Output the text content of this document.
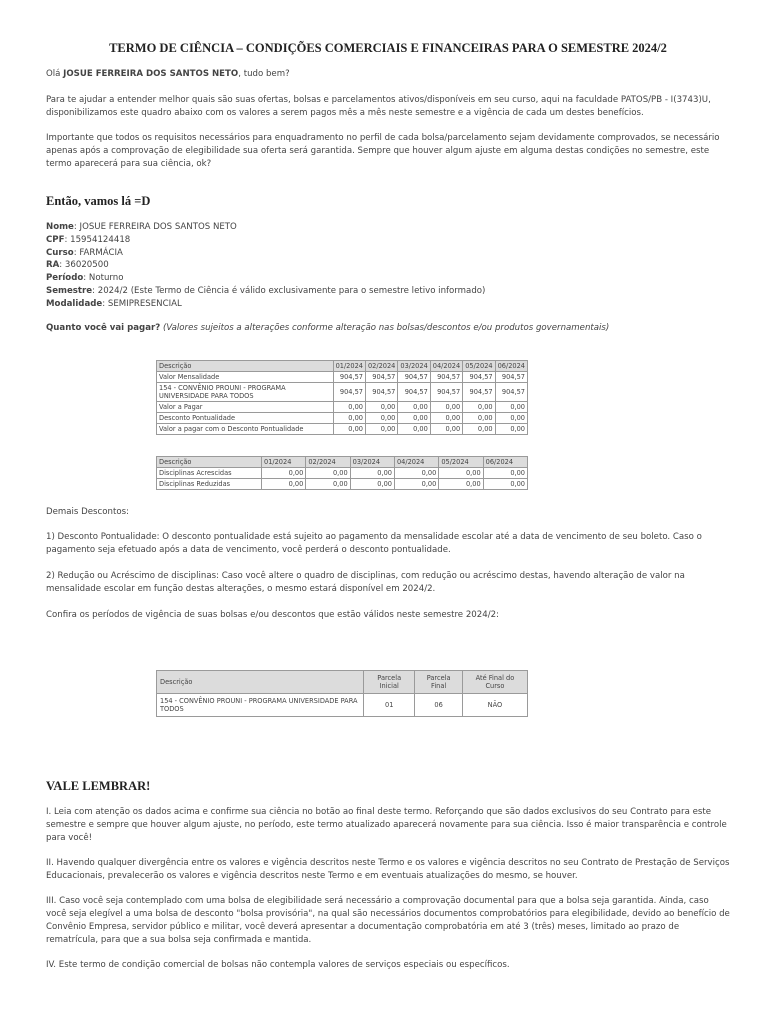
TERMO DE CIÊNCIA – CONDIÇÕES COMERCIAIS E FINANCEIRAS PARA O SEMESTRE 2024/2

Olá JOSUE FERREIRA DOS SANTOS NETO, tudo bem?

Para te ajudar a entender melhor quais são suas ofertas, bolsas e parcelamentos ativos/disponíveis em seu curso, aqui na faculdade PATOS/PB - I(3743)U, disponibilizamos este quadro abaixo com os valores a serem pagos mês a mês neste semestre e a vigência de cada um destes benefícios.

Importante que todos os requisitos necessários para enquadramento no perfil de cada bolsa/parcelamento sejam devidamente comprovados, se necessário apenas após a comprovação de elegibilidade sua oferta será garantida. Sempre que houver algum ajuste em alguma destas condições no semestre, este termo aparecerá para sua ciência, ok?

Então, vamos lá =D
Nome: JOSUE FERREIRA DOS SANTOS NETO
CPF: 15954124418
Curso: FARMÁCIA
RA: 36020500
Período: Noturno
Semestre: 2024/2 (Este Termo de Ciência é válido exclusivamente para o semestre letivo informado)
Modalidade: SEMIPRESENCIAL

Quanto você vai pagar? (Valores sujeitos a alterações conforme alteração nas bolsas/descontos e/ou produtos governamentais)

Demais Descontos:

1) Desconto Pontualidade: O desconto pontualidade está sujeito ao pagamento da mensalidade escolar até a data de vencimento de seu boleto. Caso o pagamento seja efetuado após a data de vencimento, você perderá o desconto pontualidade.

2) Redução ou Acréscimo de disciplinas: Caso você altere o quadro de disciplinas, com redução ou acréscimo destas, havendo alteração de valor na mensalidade escolar em função destas alterações, o mesmo estará disponível em 2024/2.

Confira os períodos de vigência de suas bolsas e/ou descontos que estão válidos neste semestre 2024/2:

VALE LEMBRAR!

I. Leia com atenção os dados acima e confirme sua ciência no botão ao final deste termo. Reforçando que são dados exclusivos do seu Contrato para este semestre e sempre que houver algum ajuste, no período, este termo atualizado aparecerá novamente para sua ciência. Isso é maior transparência e controle para você!

II. Havendo qualquer divergência entre os valores e vigência descritos neste Termo e os valores e vigência descritos no seu Contrato de Prestação de Serviços Educacionais, prevalecerão os valores e vigência descritos neste Termo e em eventuais atualizações do mesmo, se houver.

III. Caso você seja contemplado com uma bolsa de elegibilidade será necessário a comprovação documental para que a bolsa seja garantida. Ainda, caso você seja elegível a uma bolsa de desconto "bolsa provisória", na qual são necessários documentos comprobatórios para elegibilidade, devido ao benefício de Convênio Empresa, servidor público e militar, você deverá apresentar a documentação comprobatória em até 3 (três) meses, limitado ao prazo de rematrícula, para que a sua bolsa seja confirmada e mantida.

IV. Este termo de condição comercial de bolsas não contempla valores de serviços especiais ou específicos.

Descrição	01/2024	02/2024	03/2024	04/2024	05/2024	06/2024
Valor Mensalidade	904,57	904,57	904,57	904,57	904,57	904,57
154 - CONVÊNIO PROUNI - PROGRAMA UNIVERSIDADE PARA TODOS	904,57	904,57	904,57	904,57	904,57	904,57
Valor a Pagar	0,00	0,00	0,00	0,00	0,00	0,00
Desconto Pontualidade	0,00	0,00	0,00	0,00	0,00	0,00
Valor a pagar com o Desconto Pontualidade	0,00	0,00	0,00	0,00	0,00	0,00
Descrição	01/2024	02/2024	03/2024	04/2024	05/2024	06/2024
Disciplinas Acrescidas	0,00	0,00	0,00	0,00	0,00	0,00
Disciplinas Reduzidas	0,00	0,00	0,00	0,00	0,00	0,00
Descrição	Parcela Inicial	Parcela Final	Até Final do Curso
154 - CONVÊNIO PROUNI - PROGRAMA UNIVERSIDADE PARA TODOS	01	06	NÃO
